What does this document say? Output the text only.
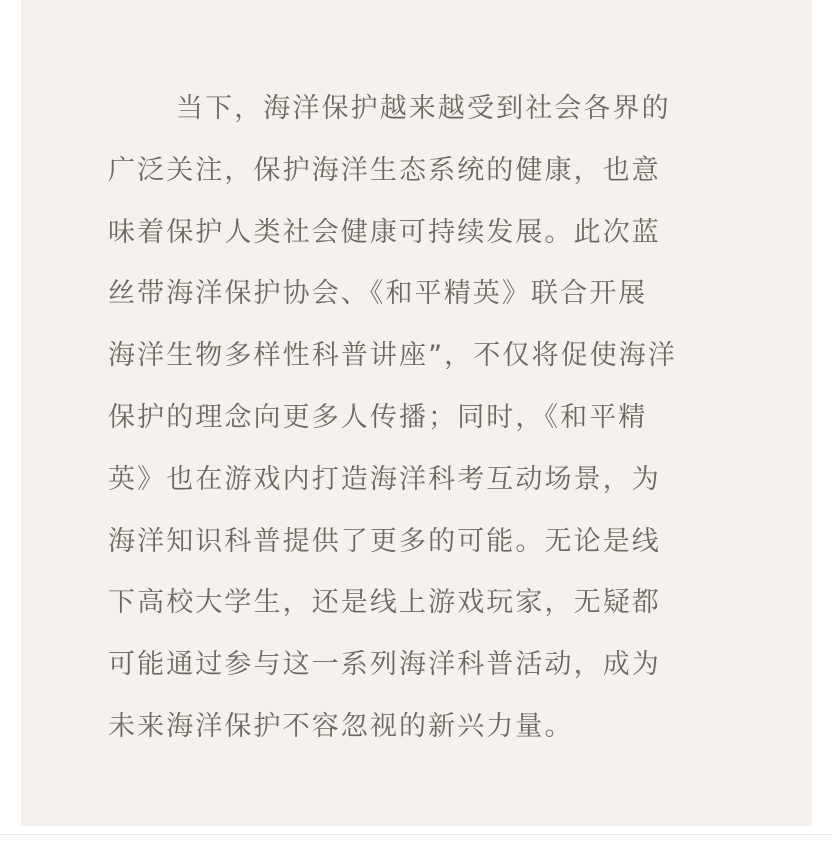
当下，海洋保护越来越受到社会各界的
广泛关注，保护海洋生态系统的健康，也意
味着保护人类社会健康可持续发展。此次蓝
丝带海洋保护协会、《和平精英》联合开展
海洋生物多样性科普讲座”，不仅将促使海洋
保护的理念向更多人传播；同时，《和平精
英》也在游戏内打造海洋科考互动场景，为
海洋知识科普提供了更多的可能。无论是线
下高校大学生，还是线上游戏玩家，无疑都
可能通过参与这一系列海洋科普活动，成为
未来海洋保护不容忽视的新兴力量。
